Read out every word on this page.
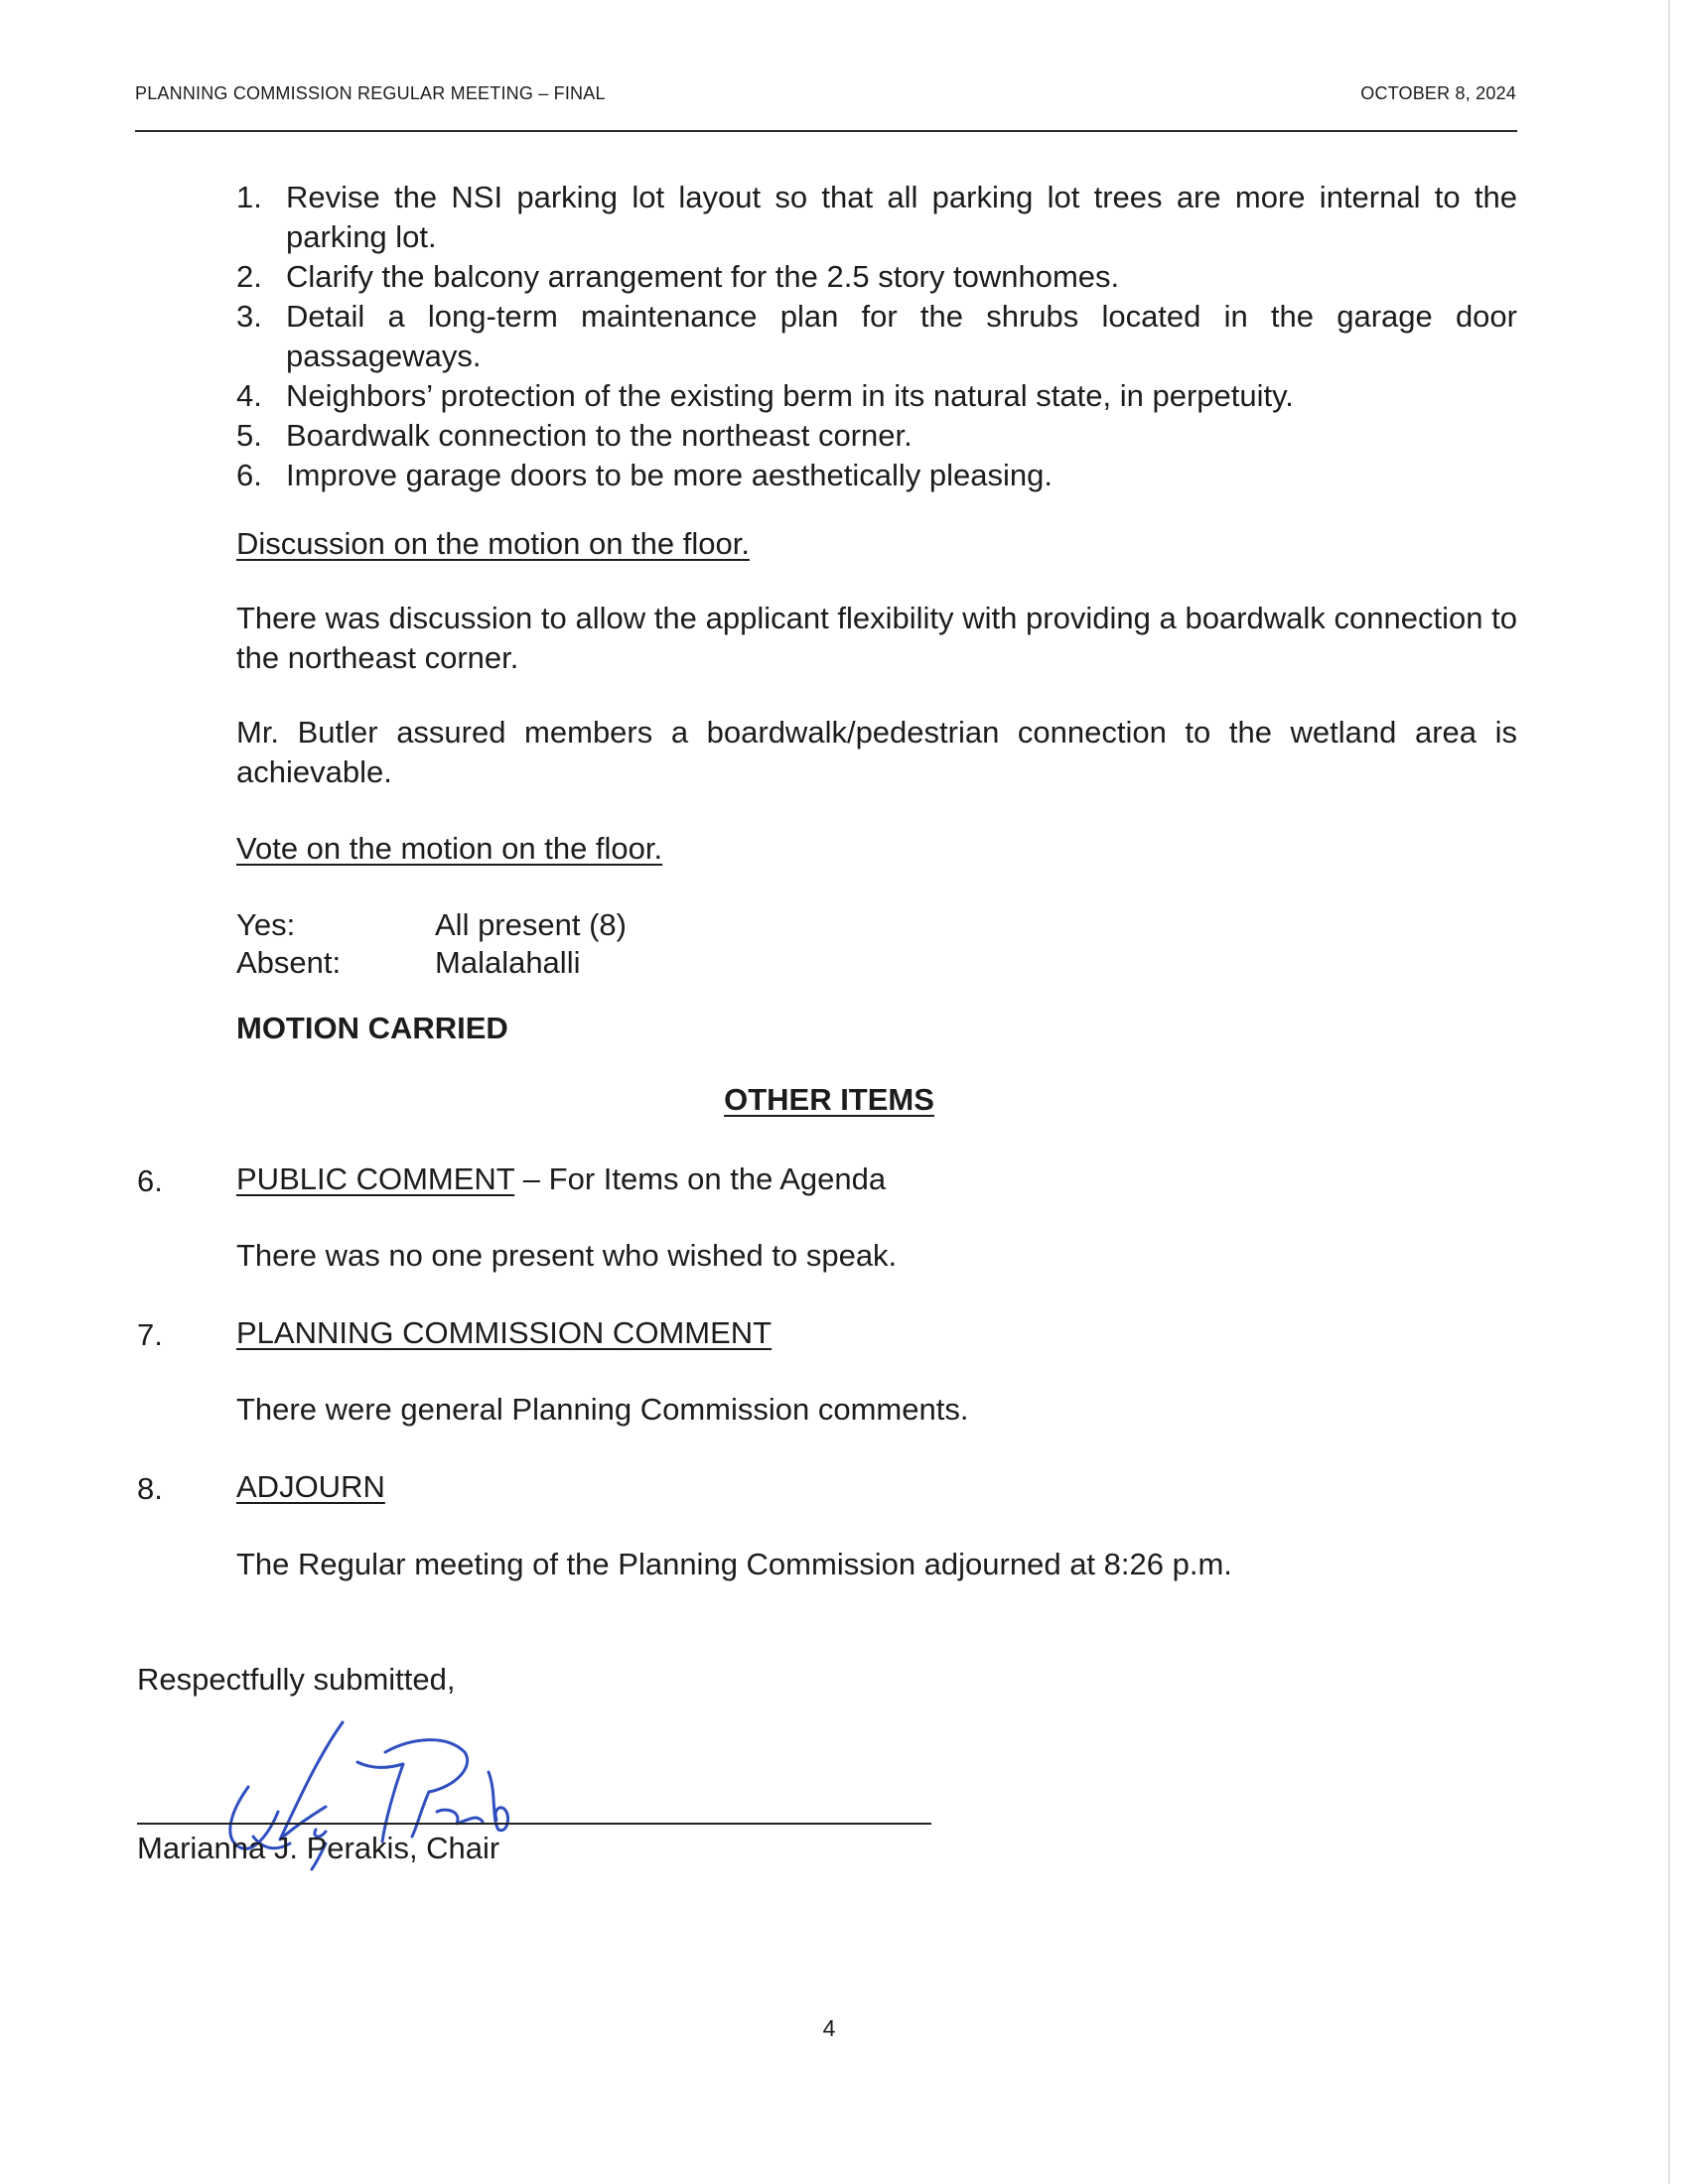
PLANNING COMMISSION REGULAR MEETING – FINAL	OCTOBER 8, 2024
1. Revise the NSI parking lot layout so that all parking lot trees are more internal to the parking lot.
2. Clarify the balcony arrangement for the 2.5 story townhomes.
3. Detail a long-term maintenance plan for the shrubs located in the garage door passageways.
4. Neighbors’ protection of the existing berm in its natural state, in perpetuity.
5. Boardwalk connection to the northeast corner.
6. Improve garage doors to be more aesthetically pleasing.
Discussion on the motion on the floor.
There was discussion to allow the applicant flexibility with providing a boardwalk connection to the northeast corner.
Mr. Butler assured members a boardwalk/pedestrian connection to the wetland area is achievable.
Vote on the motion on the floor.
Yes:	All present (8)
Absent:	Malalahalli
MOTION CARRIED
OTHER ITEMS
6. PUBLIC COMMENT – For Items on the Agenda
There was no one present who wished to speak.
7. PLANNING COMMISSION COMMENT
There were general Planning Commission comments.
8. ADJOURN
The Regular meeting of the Planning Commission adjourned at 8:26 p.m.
Respectfully submitted,
Marianna J. Perakis, Chair
4
